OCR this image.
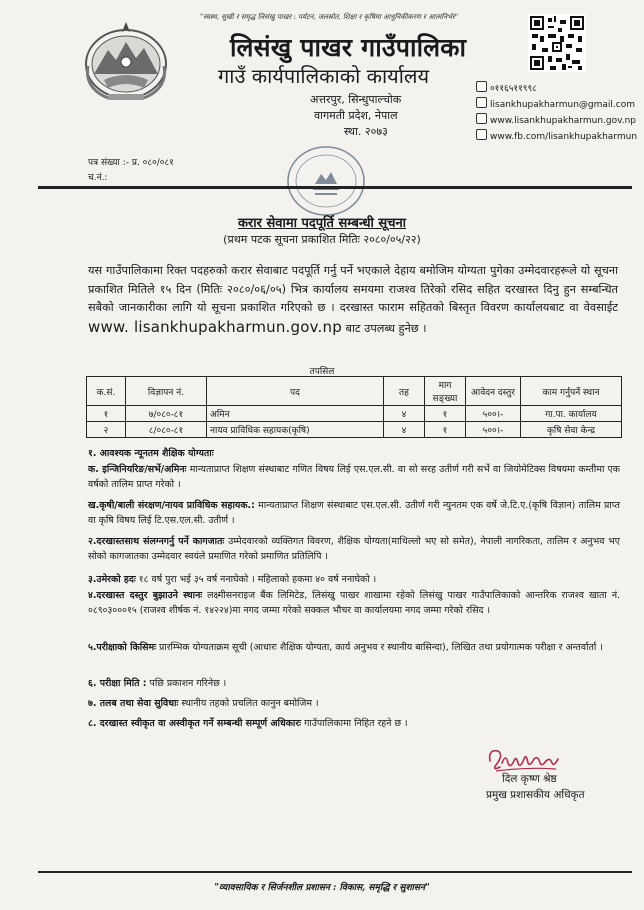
"स्वस्थ, सुखी र समृद्ध लिसंखु पाखर : पर्यटन, जलस्रोत, शिक्षा र कृषिमा आधुनिकीकरण र आत्मनिर्भर"
लिसंखु पाखर गाउँपालिका
गाउँ कार्यपालिकाको कार्यालय
अत्तरपुर, सिन्धुपाल्चोक
वागमती प्रदेश, नेपाल
स्था. २०७३
०११६५११९९८
lisankhupakharmun@gmail.com
www.lisankhupakharmun.gov.np
www.fb.com/lisankhupakharmun
पत्र संख्या :- प्र. ०८०/०८१
च.नं.:
करार सेवामा पदपूर्ति सम्बन्धी सूचना
(प्रथम पटक सूचना प्रकाशित मितिः २०८०/०५/२२)
यस गाउँपालिकामा रिक्त पदहरुको करार सेवाबाट पदपूर्ति गर्नु पर्ने भएकाले देहाय बमोजिम योग्यता पुगेका उम्मेदवारहरूले यो सूचना प्रकाशित मितिले १५ दिन (मितिः २०८०/०६/०५) भित्र कार्यालय समयमा राजश्व तिरेको रसिद सहित दरखास्त दिनु हुन सम्बन्धित सबैको जानकारीका लागि यो सूचना प्रकाशित गरिएको छ । दरखास्त फाराम सहितको बिस्तृत विवरण कार्यालयबाट वा वेवसाईट www. lisankhupakharmun.gov.np बाट उपलब्ध हुनेछ ।
तपसिल
क.सं.	विज्ञापन नं.	पद	तह	माग सङ्ख्या	आवेदन दस्तुर	काम गर्नुपर्ने स्थान
१	७/०८०-८१	अमिन	४	१	५००।-	गा.पा. कार्यालय
२	८/०८०-८१	नायव प्राविधिक सहायक(कृषि)	४	१	५००।-	कृषि सेवा केन्द्र
१. आवश्यक न्यूनतम शैक्षिक योग्यताः
क. इन्जिनियरिङ/सर्भे/अमिनः मान्यताप्राप्त शिक्षण संस्थाबाट गणित विषय लिई एस.एल.सी. वा सो सरह उतीर्ण गरी सर्भे वा जियोमेटिक्स विषयमा कम्तीमा एक वर्षको तालिम प्राप्त गरेको ।
ख.कृषी/बाली संरक्षण/नायव प्राविधिक सहायक.: मान्यताप्राप्त शिक्षण संस्थाबाट एस.एल.सी. उतीर्ण गरी न्युनतम एक वर्षे जे.टि.ए.(कृषि विज्ञान) तालिम प्राप्त वा कृषि विषय लिई टि.एस.एल.सी. उतीर्ण ।
२.दरखास्तसाथ संलग्नगर्नु पर्ने कागजातः उम्मेदवारको व्यक्तिगत विवरण, शैक्षिक योग्यता(माथिल्लो भए सो समेत), नेपाली नागरिकता, तालिम र अनुभव भए सोको कागजातका उम्मेदवार स्वयंले प्रमाणित गरेको प्रमाणित प्रतिलिपि ।
३.उमेरको हदः १८ वर्ष पुरा भई ३५ वर्ष ननाघेको । महिलाको हकमा ४० वर्ष ननाघेको ।
४.दरखास्त दस्तुर बुझाउने स्थानः लक्ष्मीसनराइज बैंक लिमिटेड, लिसंखु पाखर शाखामा रहेको लिसंखु पाखर गाउँपालिकाको आन्तरिक राजश्व खाता नं. ०८९०३०००१५ (राजश्व शीर्षक नं. १४२२४)मा नगद जम्मा गरेको सक्कल भौचर वा कार्यालयमा नगद जम्मा गरेको रसिद ।
५.परीक्षाको किसिमः प्रारम्भिक योग्यताक्रम सूची (आधारः शैक्षिक योग्यता, कार्य अनुभव र स्थानीय बासिन्दा), लिखित तथा प्रयोगात्मक परीक्षा र अन्तर्वार्ता ।
६. परीक्षा मिति : पछि प्रकाशन गरिनेछ ।
७. तलब तथा सेवा सुविधाः स्थानीय तहको प्रचलित कानुन बमोजिम ।
८. दरखास्त स्वीकृत वा अस्वीकृत गर्ने सम्बन्धी सम्पूर्ण अधिकारः गाउँपालिकामा निहित रहने छ ।
दिल कृष्ण श्रेष्ठ
प्रमुख प्रशासकीय अधिकृत
"व्यावसायिक र सिर्जनशील प्रशासन : विकास, समृद्धि र सुशासन"
